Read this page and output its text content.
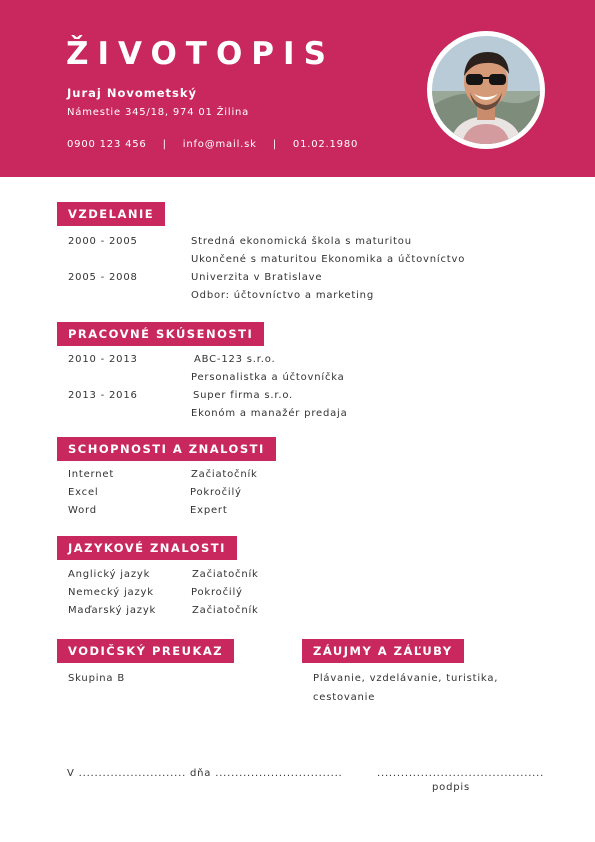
ŽIVOTOPIS
Juraj Novometský
Námestie 345/18, 974 01 Žilina
0900 123 456 | info@mail.sk | 01.02.1980
VZDELANIE
2000 - 2005	Stredná ekonomická škola s maturitou
Ukončené s maturitou Ekonomika a účtovníctvo
2005 - 2008	Univerzita v Bratislave
Odbor: účtovníctvo a marketing
PRACOVNÉ SKÚSENOSTI
2010 - 2013	ABC-123 s.r.o.
Personalistka a účtovníčka
2013 - 2016	Super firma s.r.o.
Ekonóm a manažér predaja
SCHOPNOSTI A ZNALOSTI
Internet	Začiatočník
Excel	Pokročilý
Word	Expert
JAZYKOVÉ ZNALOSTI
Anglický jazyk	Začiatočník
Nemecký jazyk	Pokročilý
Maďarský jazyk	Začiatočník
VODIČSKÝ PREUKAZ
Skupina B
ZÁUJMY A ZÁĽUBY
Plávanie, vzdelávanie, turistika,
cestovanie
V ........................... dňa ................................	..........................................
podpis
